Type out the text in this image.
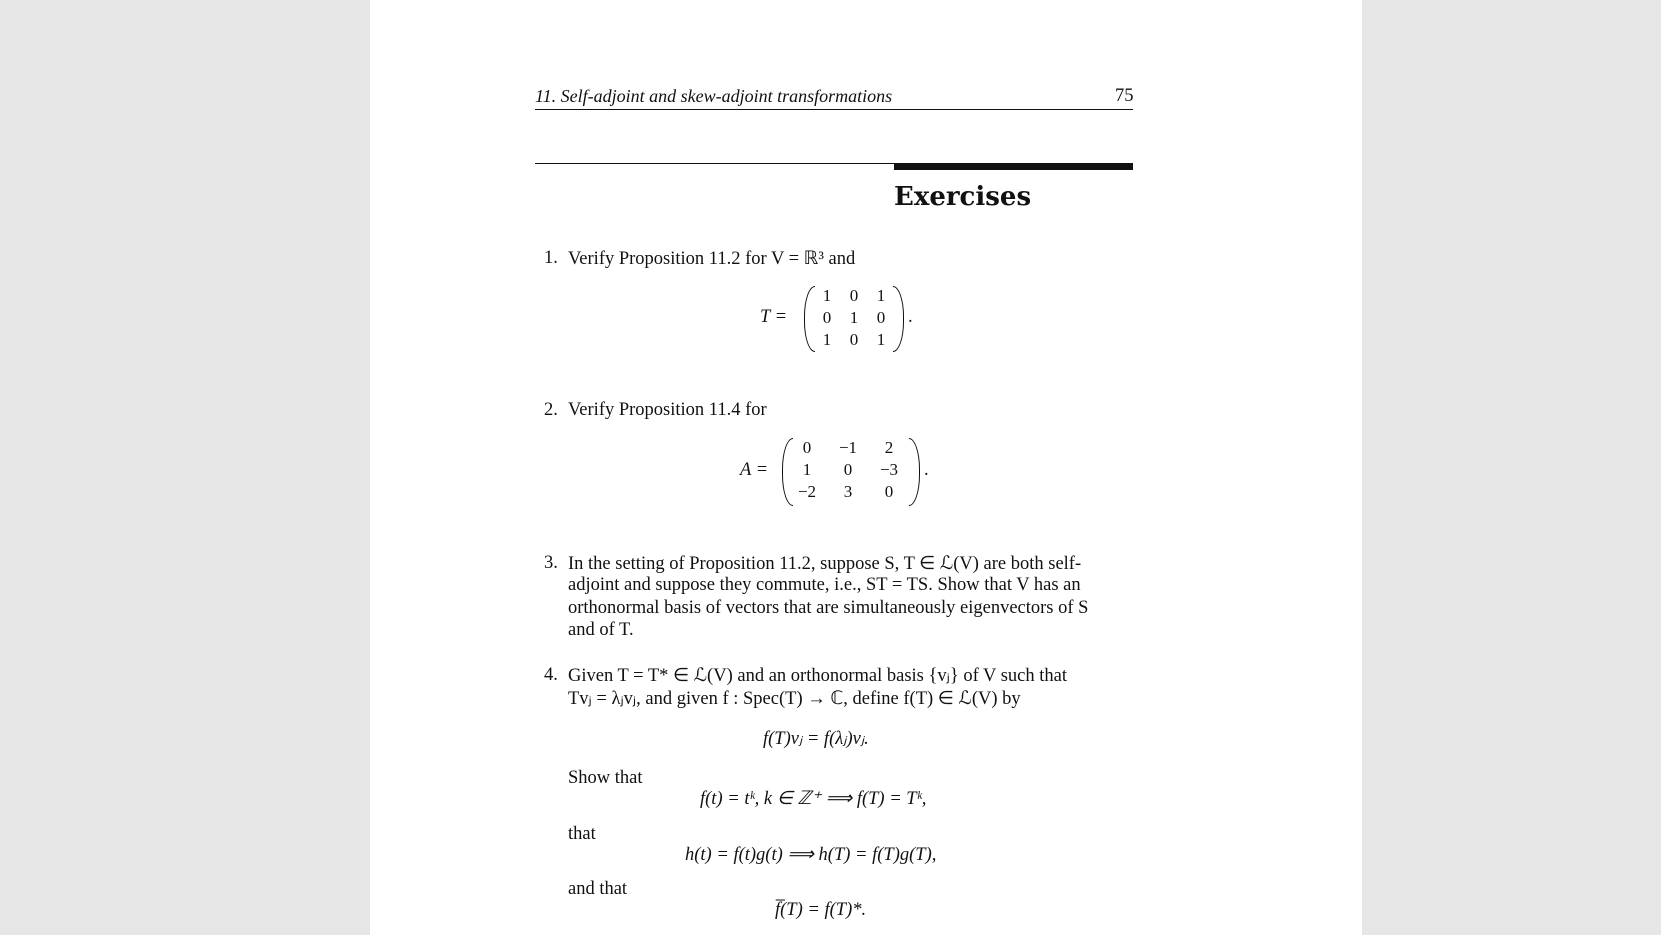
11. Self-adjoint and skew-adjoint transformations	75
Exercises
1. Verify Proposition 11.2 for V = ℝ³ and
T =
1	0	1
0	1	0
1	0	1
.
2. Verify Proposition 11.4 for
A =
0	−1	2
1	0	−3
−2	3	0
.
3. In the setting of Proposition 11.2, suppose S, T ∈ ℒ(V) are both self-
adjoint and suppose they commute, i.e., ST = TS. Show that V has an
orthonormal basis of vectors that are simultaneously eigenvectors of S
and of T.
4. Given T = T* ∈ ℒ(V) and an orthonormal basis {vⱼ} of V such that
Tvⱼ = λⱼvⱼ, and given f : Spec(T) → ℂ, define f(T) ∈ ℒ(V) by
f(T)vⱼ = f(λⱼ)vⱼ.
Show that
f(t) = tᵏ, k ∈ ℤ⁺ ⟹ f(T) = Tᵏ,
that
h(t) = f(t)g(t) ⟹ h(T) = f(T)g(T),
and that
f̅(T) = f(T)*.
